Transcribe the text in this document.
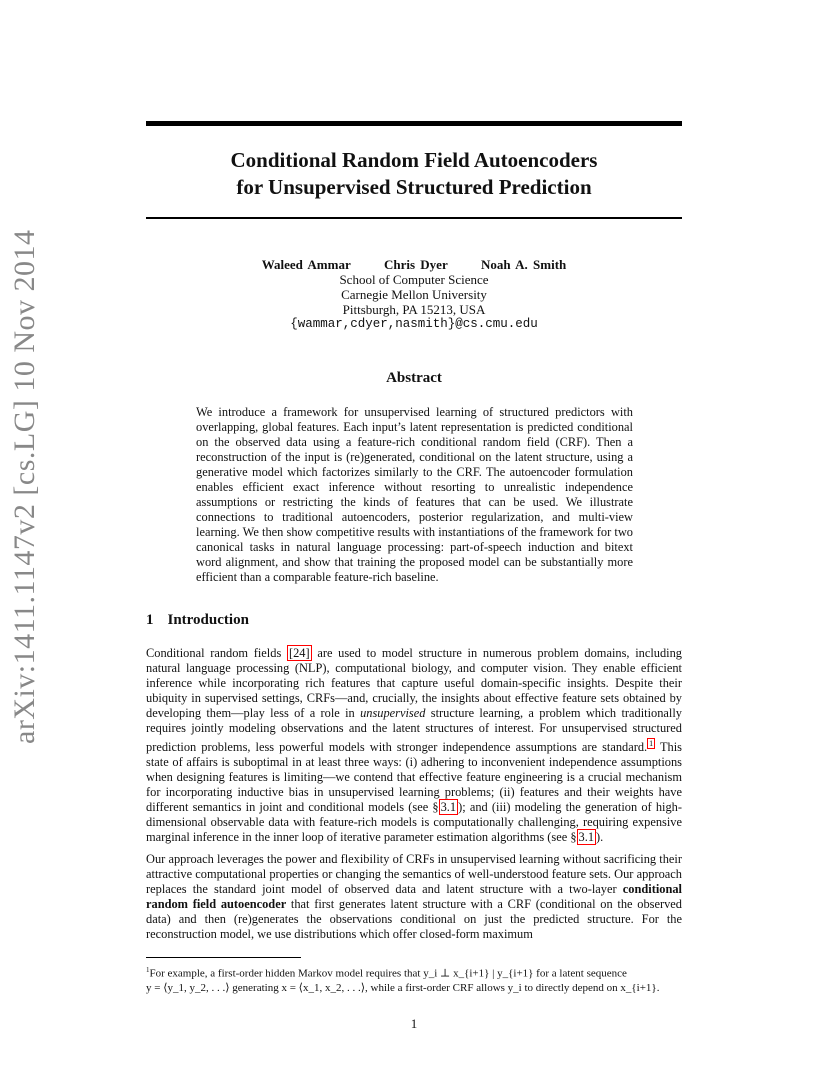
arXiv:1411.1147v2 [cs.LG] 10 Nov 2014
Conditional Random Field Autoencoders
for Unsupervised Structured Prediction
Waleed Ammar	Chris Dyer	Noah A. Smith
School of Computer Science
Carnegie Mellon University
Pittsburgh, PA 15213, USA
{wammar,cdyer,nasmith}@cs.cmu.edu
Abstract
We introduce a framework for unsupervised learning of structured predictors with overlapping, global features. Each input’s latent representation is predicted conditional on the observed data using a feature-rich conditional random field (CRF). Then a reconstruction of the input is (re)generated, conditional on the latent structure, using a generative model which factorizes similarly to the CRF. The autoencoder formulation enables efficient exact inference without resorting to unrealistic independence assumptions or restricting the kinds of features that can be used. We illustrate connections to traditional autoencoders, posterior regularization, and multi-view learning. We then show competitive results with instantiations of the framework for two canonical tasks in natural language processing: part-of-speech induction and bitext word alignment, and show that training the proposed model can be substantially more efficient than a comparable feature-rich baseline.
1 Introduction

Conditional random fields [24] are used to model structure in numerous problem domains, including natural language processing (NLP), computational biology, and computer vision. They enable efficient inference while incorporating rich features that capture useful domain-specific insights. Despite their ubiquity in supervised settings, CRFs—and, crucially, the insights about effective feature sets obtained by developing them—play less of a role in unsupervised structure learning, a problem which traditionally requires jointly modeling observations and the latent structures of interest. For unsupervised structured prediction problems, less powerful models with stronger independence assumptions are standard. $^1$ This state of affairs is suboptimal in at least three ways: (i) adhering to inconvenient independence assumptions when designing features is limiting—we contend that effective feature engineering is a crucial mechanism for incorporating inductive bias in unsupervised learning problems; (ii) features and their weights have different semantics in joint and conditional models (see § 3.1 ); and (iii) modeling the generation of high-dimensional observable data with feature-rich models is computationally challenging, requiring expensive marginal inference in the inner loop of iterative parameter estimation algorithms (see § 3.1 ).

Our approach leverages the power and flexibility of CRFs in unsupervised learning without sacrificing their attractive computational properties or changing the semantics of well-understood feature sets. Our approach replaces the standard joint model of observed data and latent structure with a two-layer conditional random field autoencoder that first generates latent structure with a CRF (conditional on the observed data) and then (re)generates the observations conditional on just the predicted structure. For the reconstruction model, we use distributions which offer closed-form maximum

$^1$For example, a first-order hidden Markov model requires that y_i ⊥ x_{i+1} | y_{i+1} for a latent sequence
y = ⟨y_1, y_2, . . .⟩ generating x = ⟨x_1, x_2, . . .⟩, while a first-order CRF allows y_i to directly depend on x_{i+1}.
1
